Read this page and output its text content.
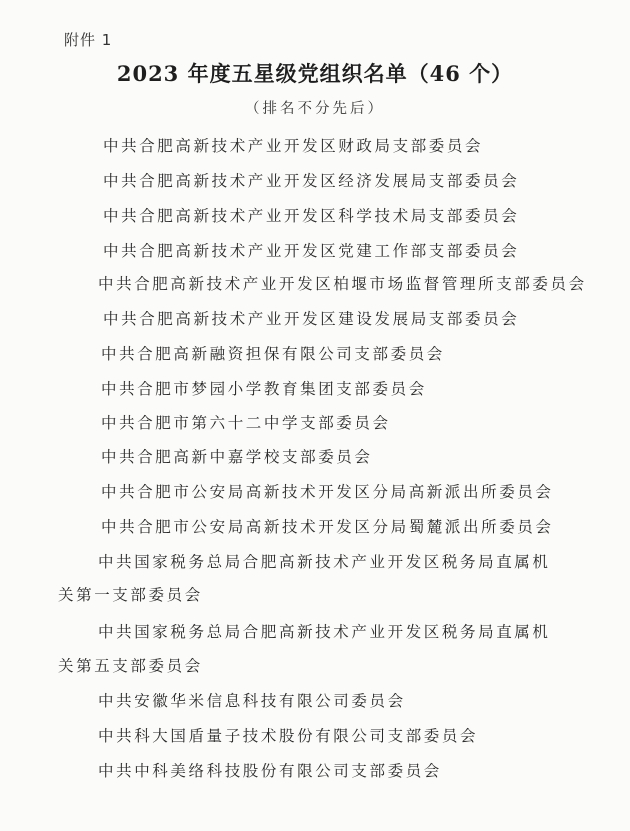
附件 1
2023 年度五星级党组织名单（46 个）
（排名不分先后）
中共合肥高新技术产业开发区财政局支部委员会
中共合肥高新技术产业开发区经济发展局支部委员会
中共合肥高新技术产业开发区科学技术局支部委员会
中共合肥高新技术产业开发区党建工作部支部委员会
中共合肥高新技术产业开发区柏堰市场监督管理所支部委员会
中共合肥高新技术产业开发区建设发展局支部委员会
中共合肥高新融资担保有限公司支部委员会
中共合肥市梦园小学教育集团支部委员会
中共合肥市第六十二中学支部委员会
中共合肥高新中嘉学校支部委员会
中共合肥市公安局高新技术开发区分局高新派出所委员会
中共合肥市公安局高新技术开发区分局蜀麓派出所委员会
中共国家税务总局合肥高新技术产业开发区税务局直属机
关第一支部委员会
中共国家税务总局合肥高新技术产业开发区税务局直属机
关第五支部委员会
中共安徽华米信息科技有限公司委员会
中共科大国盾量子技术股份有限公司支部委员会
中共中科美络科技股份有限公司支部委员会
